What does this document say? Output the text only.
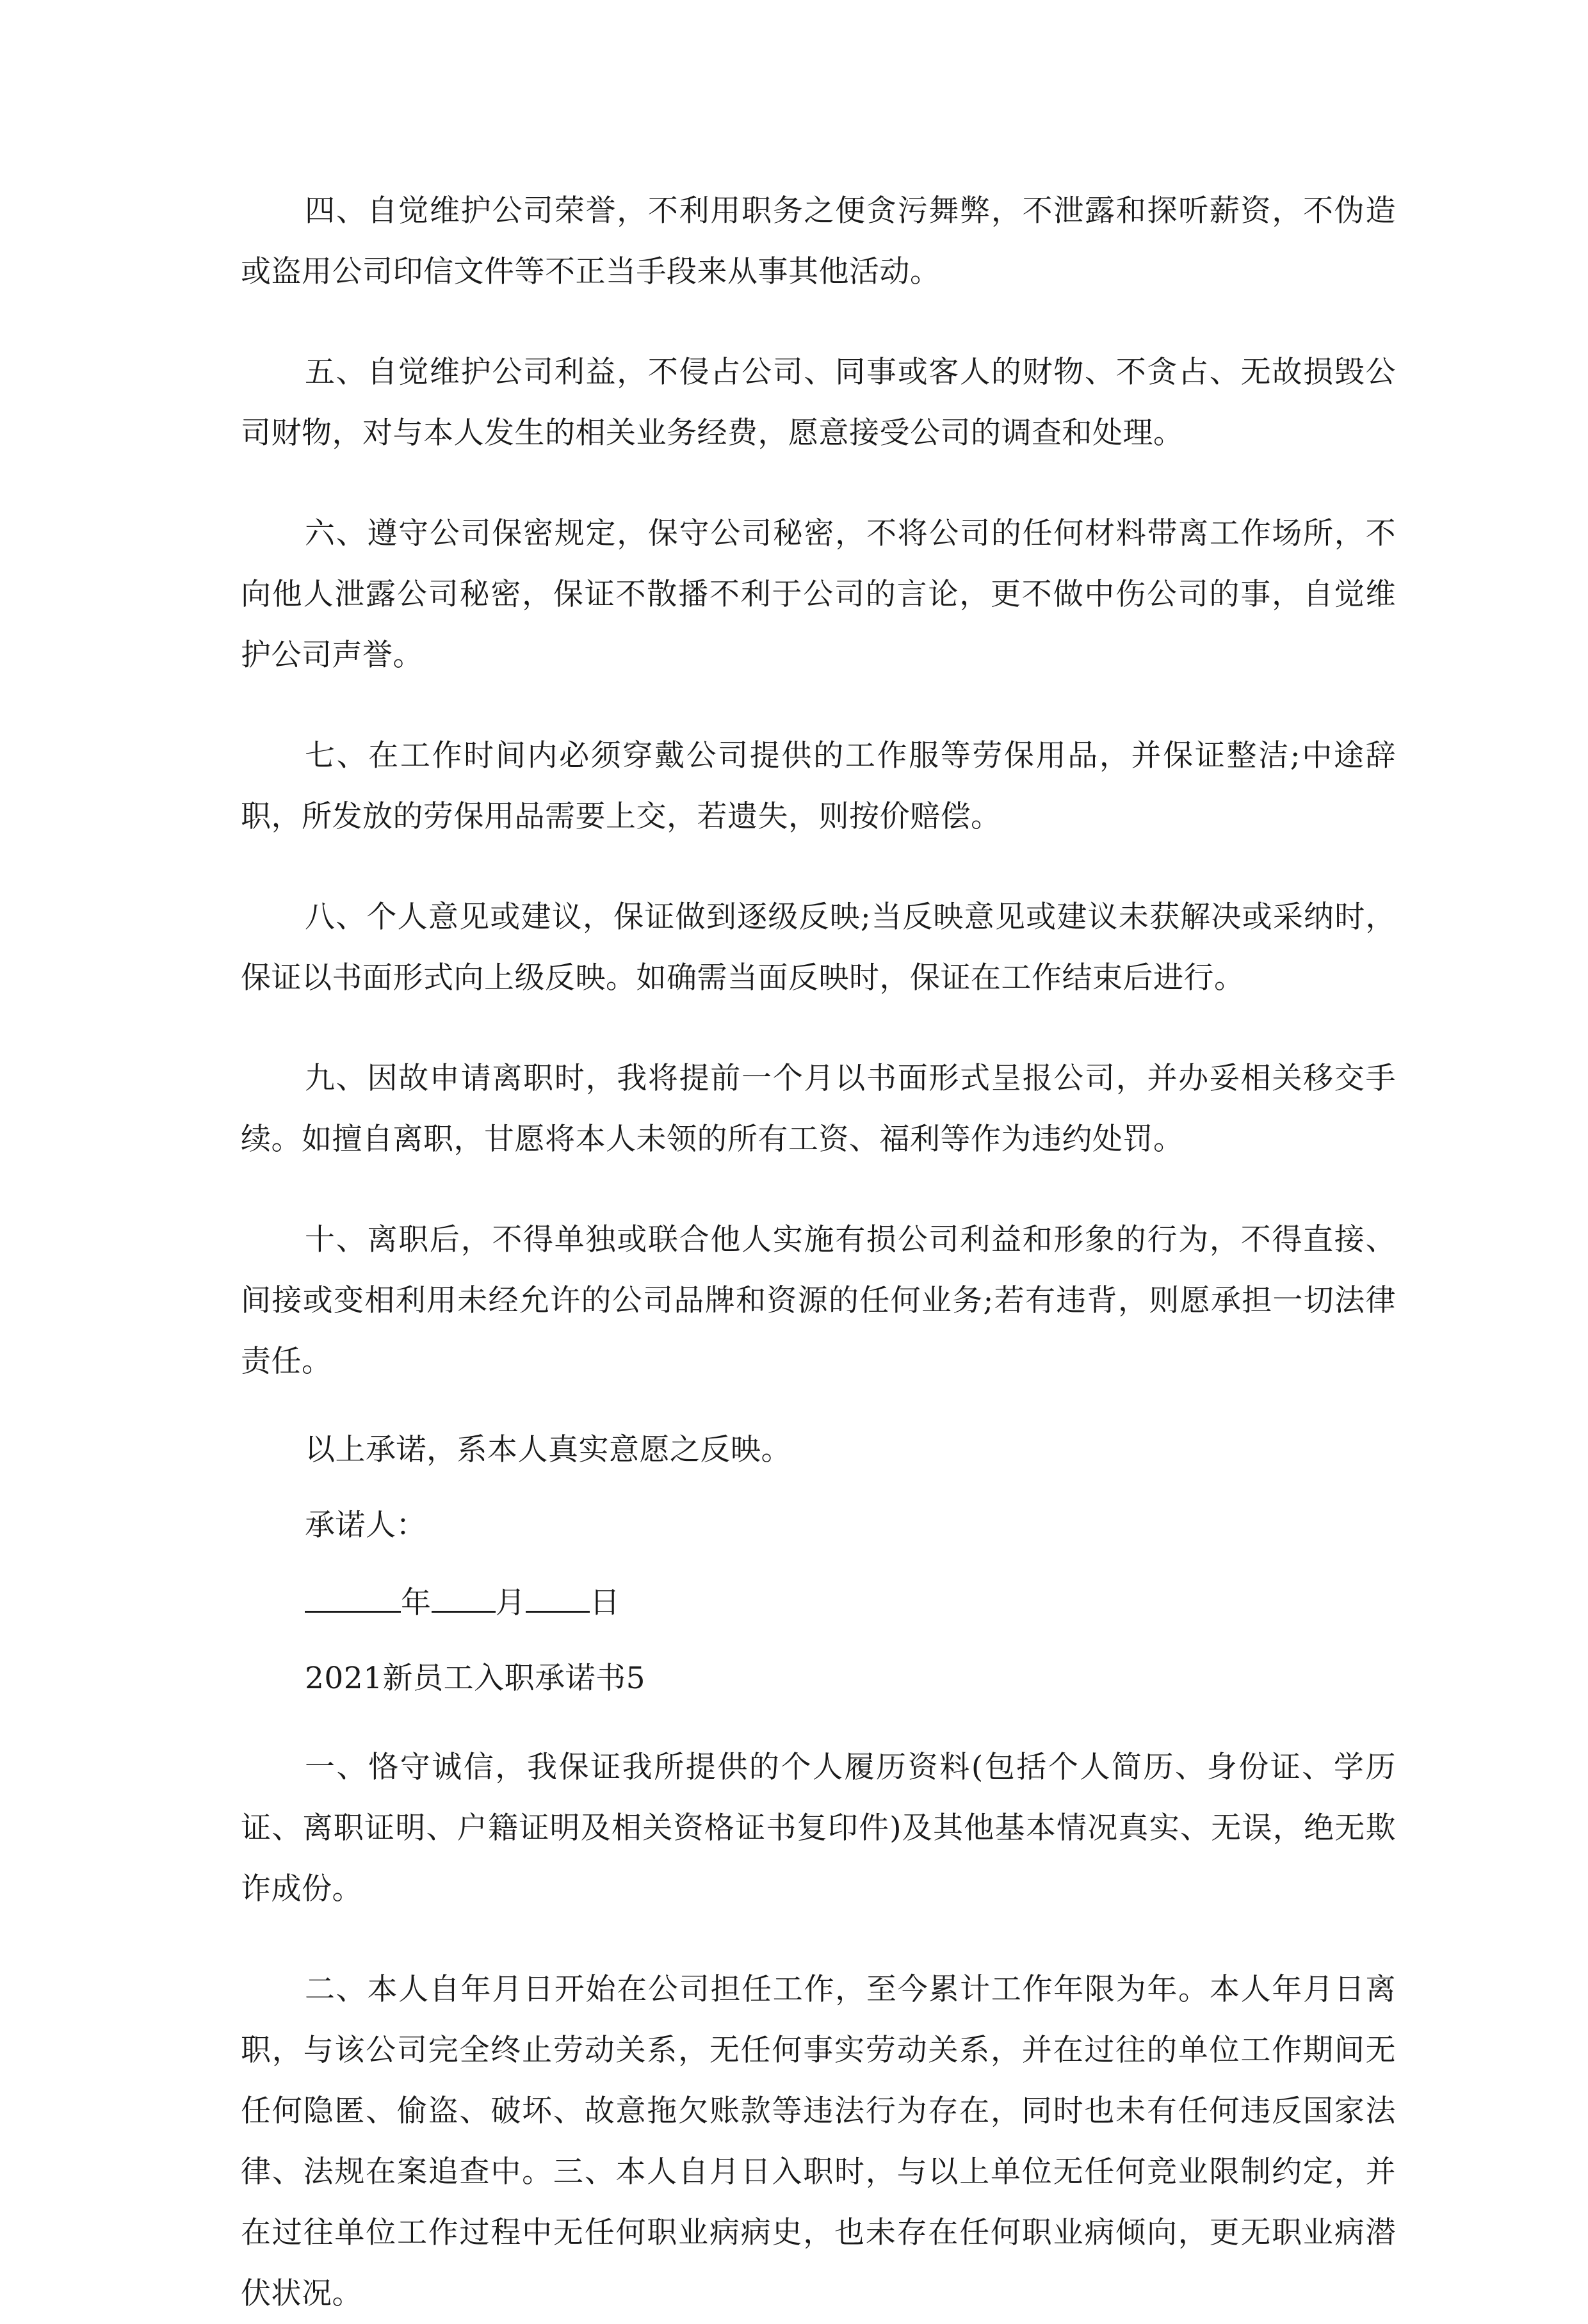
四、自觉维护公司荣誉，不利用职务之便贪污舞弊，不泄露和探听薪资，不伪造或盗用公司印信文件等不正当手段来从事其他活动。

五、自觉维护公司利益，不侵占公司、同事或客人的财物、不贪占、无故损毁公司财物，对与本人发生的相关业务经费，愿意接受公司的调查和处理。

六、遵守公司保密规定，保守公司秘密，不将公司的任何材料带离工作场所，不向他人泄露公司秘密，保证不散播不利于公司的言论，更不做中伤公司的事，自觉维护公司声誉。

七、在工作时间内必须穿戴公司提供的工作服等劳保用品，并保证整洁;中途辞职，所发放的劳保用品需要上交，若遗失，则按价赔偿。

八、个人意见或建议，保证做到逐级反映;当反映意见或建议未获解决或采纳时，保证以书面形式向上级反映。如确需当面反映时，保证在工作结束后进行。

九、因故申请离职时，我将提前一个月以书面形式呈报公司，并办妥相关移交手续。如擅自离职，甘愿将本人未领的所有工资、福利等作为违约处罚。

十、离职后，不得单独或联合他人实施有损公司利益和形象的行为，不得直接、间接或变相利用未经允许的公司品牌和资源的任何业务;若有违背，则愿承担一切法律责任。

以上承诺，系本人真实意愿之反映。

承诺人：

年 月 日

2021新员工入职承诺书5

一、恪守诚信，我保证我所提供的个人履历资料(包括个人简历、身份证、学历证、离职证明、户籍证明及相关资格证书复印件)及其他基本情况真实、无误，绝无欺诈成份。

二、本人自年月日开始在公司担任工作，至今累计工作年限为年。本人年月日离职，与该公司完全终止劳动关系，无任何事实劳动关系，并在过往的单位工作期间无任何隐匿、偷盗、破坏、故意拖欠账款等违法行为存在，同时也未有任何违反国家法律、法规在案追查中。三、本人自月日入职时，与以上单位无任何竞业限制约定，并在过往单位工作过程中无任何职业病病史，也未存在任何职业病倾向，更无职业病潜伏状况。
